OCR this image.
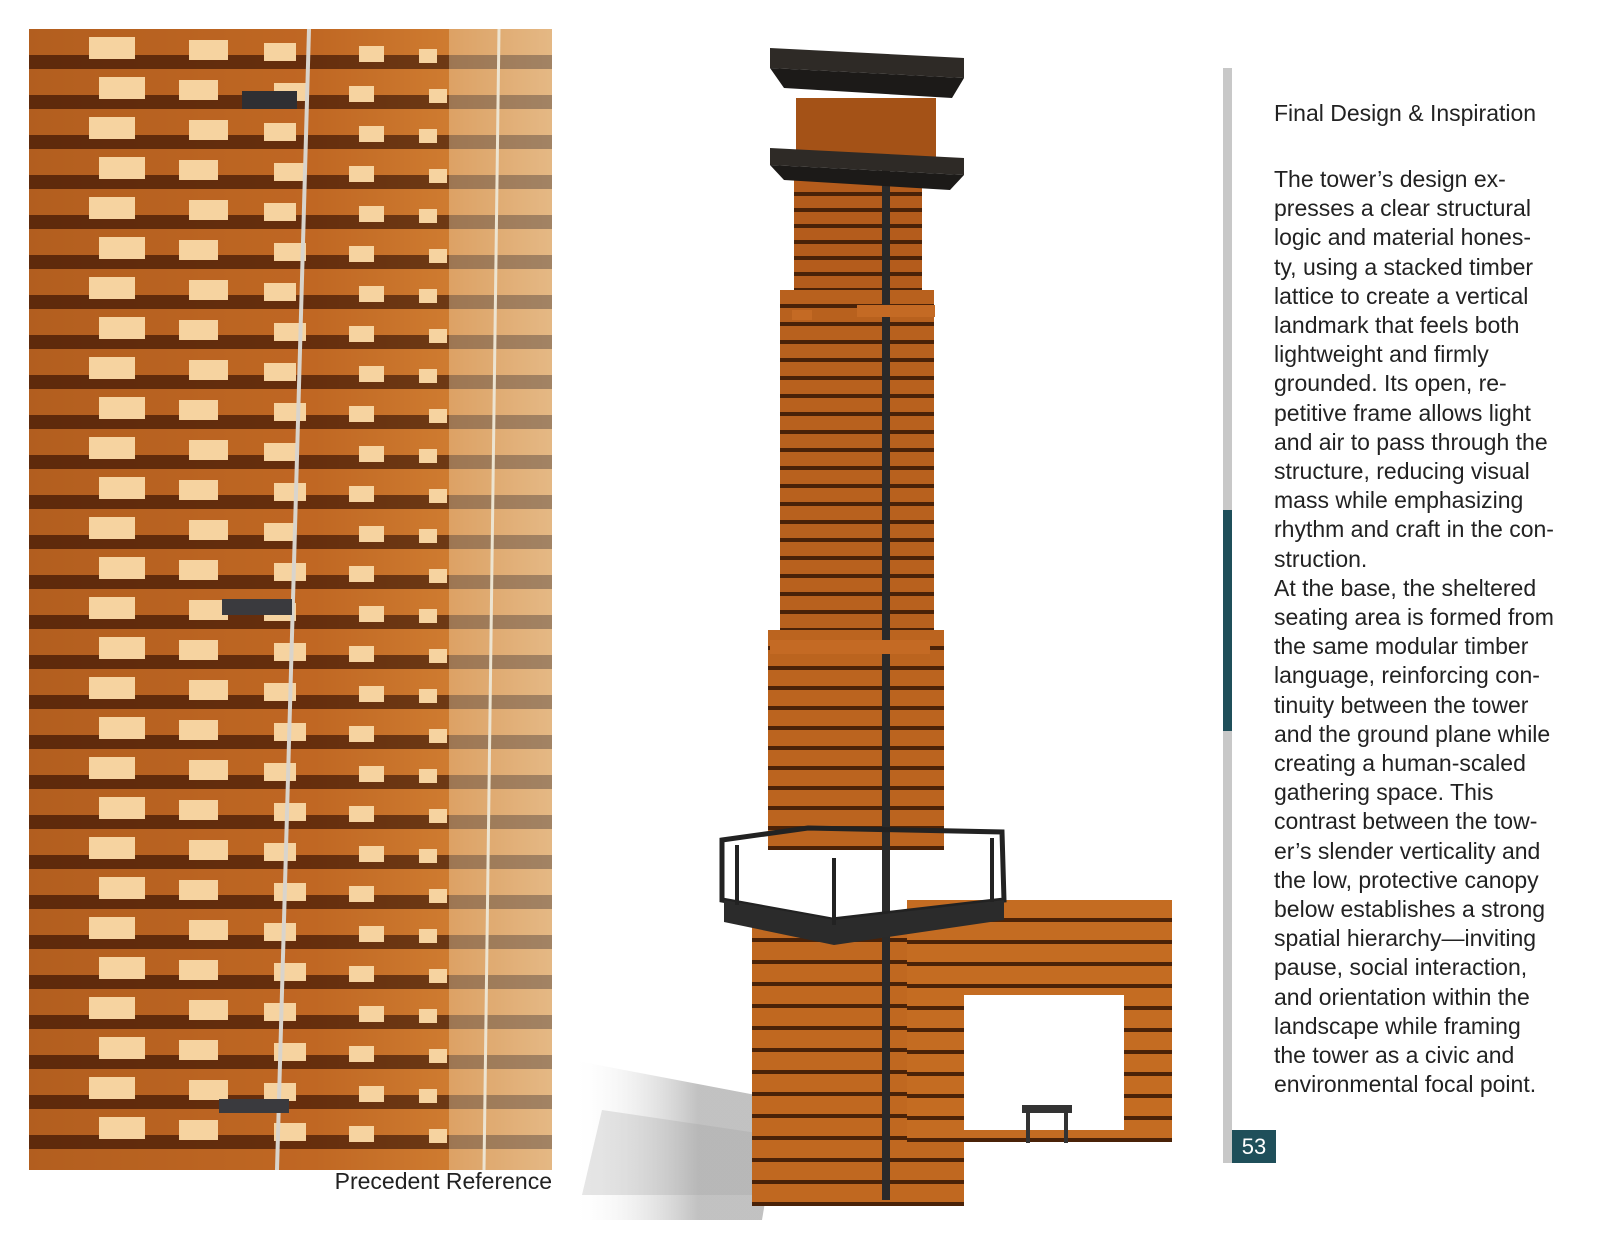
Precedent Reference
53
Final Design & Inspiration
The tower’s design ex-
presses a clear structural
logic and material hones-
ty, using a stacked timber
lattice to create a vertical
landmark that feels both
lightweight and firmly
grounded. Its open, re-
petitive frame allows light
and air to pass through the
structure, reducing visual
mass while emphasizing
rhythm and craft in the con-
struction.
At the base, the sheltered
seating area is formed from
the same modular timber
language, reinforcing con-
tinuity between the tower
and the ground plane while
creating a human-scaled
gathering space. This
contrast between the tow-
er’s slender verticality and
the low, protective canopy
below establishes a strong
spatial hierarchy—inviting
pause, social interaction,
and orientation within the
landscape while framing
the tower as a civic and
environmental focal point.
